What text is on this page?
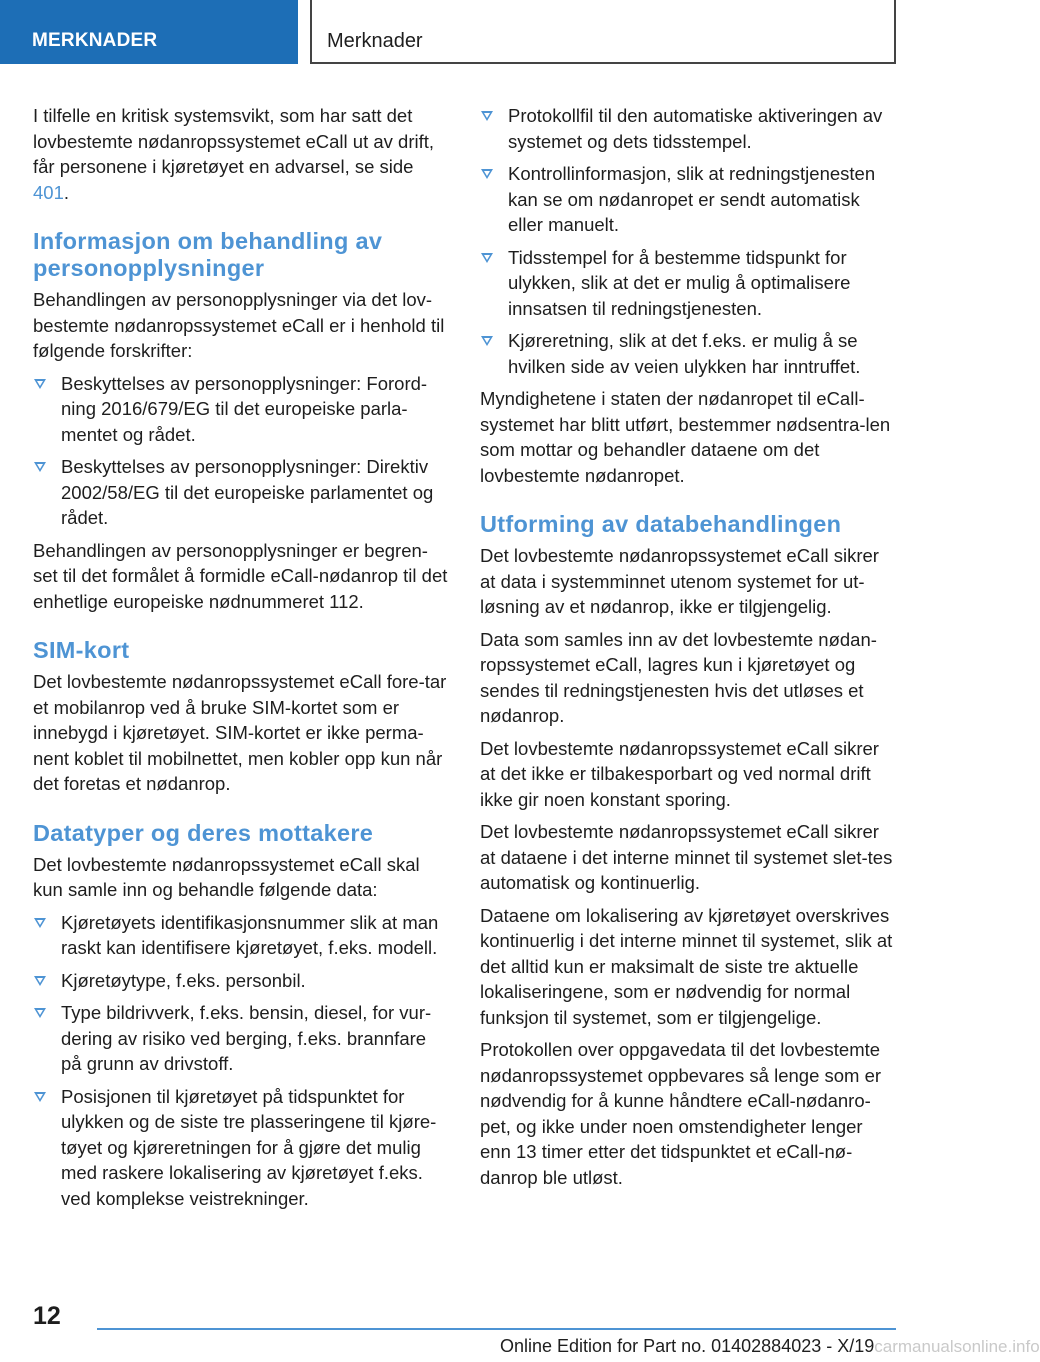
MERKNADER	Merknader

I tilfelle en kritisk systemsvikt, som har satt det lovbestemte nødanropssystemet eCall ut av drift, får personene i kjøretøyet en advarsel, se side 401.

Informasjon om behandling av personopplysninger

Behandlingen av personopplysninger via det lov-bestemte nødanropssystemet eCall er i henhold til følgende forskrifter:

Beskyttelses av personopplysninger: Forord-ning 2016/679/EG til det europeiske parla-mentet og rådet.
Beskyttelses av personopplysninger: Direktiv 2002/58/EG til det europeiske parlamentet og rådet.

Behandlingen av personopplysninger er begren-set til det formålet å formidle eCall-nødanrop til det enhetlige europeiske nødnummeret 112.

SIM-kort

Det lovbestemte nødanropssystemet eCall fore-tar et mobilanrop ved å bruke SIM-kortet som er innebygd i kjøretøyet. SIM-kortet er ikke perma-nent koblet til mobilnettet, men kobler opp kun når det foretas et nødanrop.

Datatyper og deres mottakere

Det lovbestemte nødanropssystemet eCall skal kun samle inn og behandle følgende data:

Kjøretøyets identifikasjonsnummer slik at man raskt kan identifisere kjøretøyet, f.eks. modell.
Kjøretøytype, f.eks. personbil.
Type bildrivverk, f.eks. bensin, diesel, for vur-dering av risiko ved berging, f.eks. brannfare på grunn av drivstoff.
Posisjonen til kjøretøyet på tidspunktet for ulykken og de siste tre plasseringene til kjøre-tøyet og kjøreretningen for å gjøre det mulig med raskere lokalisering av kjøretøyet f.eks. ved komplekse veistrekninger.
Protokollfil til den automatiske aktiveringen av systemet og dets tidsstempel.
Kontrollinformasjon, slik at redningstjenesten kan se om nødanropet er sendt automatisk eller manuelt.
Tidsstempel for å bestemme tidspunkt for ulykken, slik at det er mulig å optimalisere innsatsen til redningstjenesten.
Kjøreretning, slik at det f.eks. er mulig å se hvilken side av veien ulykken har inntruffet.

Myndighetene i staten der nødanropet til eCall-systemet har blitt utført, bestemmer nødsentra-len som mottar og behandler dataene om det lovbestemte nødanropet.

Utforming av databehandlingen

Det lovbestemte nødanropssystemet eCall sikrer at data i systemminnet utenom systemet for ut-løsning av et nødanrop, ikke er tilgjengelig.

Data som samles inn av det lovbestemte nødan-ropssystemet eCall, lagres kun i kjøretøyet og sendes til redningstjenesten hvis det utløses et nødanrop.

Det lovbestemte nødanropssystemet eCall sikrer at det ikke er tilbakesporbart og ved normal drift ikke gir noen konstant sporing.

Det lovbestemte nødanropssystemet eCall sikrer at dataene i det interne minnet til systemet slet-tes automatisk og kontinuerlig.

Dataene om lokalisering av kjøretøyet overskrives kontinuerlig i det interne minnet til systemet, slik at det alltid kun er maksimalt de siste tre aktuelle lokaliseringene, som er nødvendig for normal funksjon til systemet, som er tilgjengelige.

Protokollen over oppgavedata til det lovbestemte nødanropssystemet oppbevares så lenge som er nødvendig for å kunne håndtere eCall-nødanro-pet, og ikke under noen omstendigheter lenger enn 13 timer etter det tidspunktet et eCall-nø-danrop ble utløst.

12
Online Edition for Part no. 01402884023 - X/19carmanualsonline.info
